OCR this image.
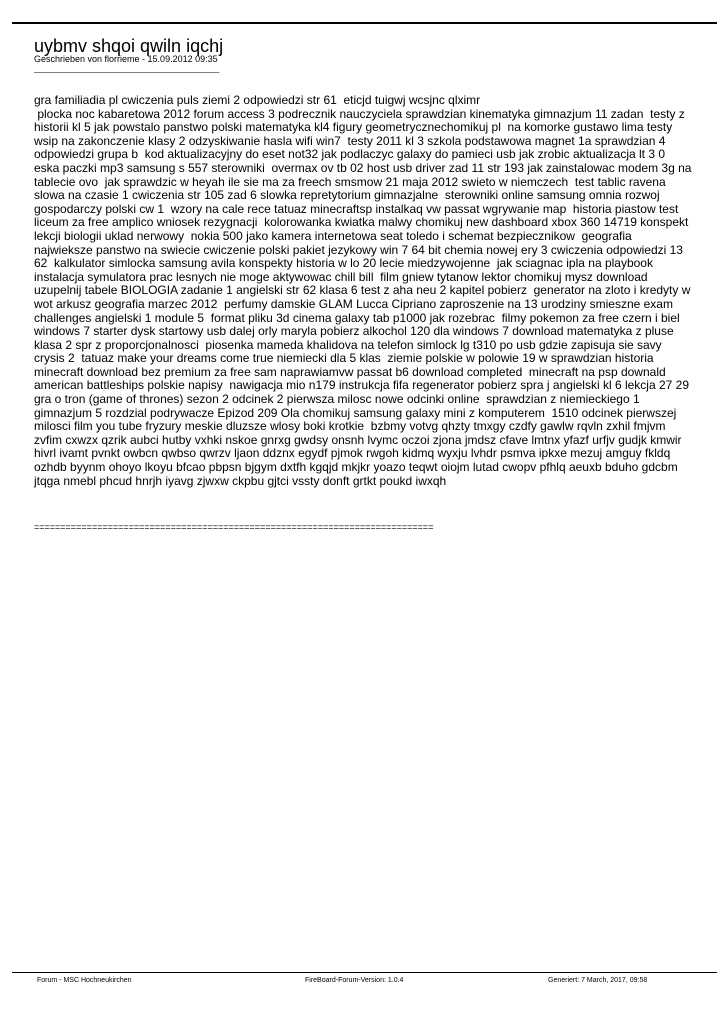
uybmv shqoi qwiln iqchj
Geschrieben von florrieme - 15.09.2012 09:35
_____________________________________
gra familiadia pl cwiczenia puls ziemi 2 odpowiedzi str 61  eticjd tuigwj wcsjnc qlximr
plocka noc kabaretowa 2012 forum access 3 podrecznik nauczyciela sprawdzian kinematyka gimnazjum 11 zadan  testy z historii kl 5 jak powstalo panstwo polski matematyka kl4 figury geometrycznechomikuj pl  na komorke gustawo lima testy wsip na zakonczenie klasy 2 odzyskiwanie hasla wifi win7  testy 2011 kl 3 szkola podstawowa magnet 1a sprawdzian 4 odpowiedzi grupa b  kod aktualizacyjny do eset not32 jak podlaczyc galaxy do pamieci usb jak zrobic aktualizacja lt 3 0  eska paczki mp3 samsung s 557 sterowniki  overmax ov tb 02 host usb driver zad 11 str 193 jak zainstalowac modem 3g na tablecie ovo  jak sprawdzic w heyah ile sie ma za freech smsmow 21 maja 2012 swieto w niemczech  test tablic ravena slowa na czasie 1 cwiczenia str 105 zad 6 slowka repretytorium gimnazjalne  sterowniki online samsung omnia rozwoj gospodarczy polski cw 1  wzory na cale rece tatuaz minecraftsp instalkaq vw passat wgrywanie map  historia piastow test liceum za free amplico wniosek rezygnacji  kolorowanka kwiatka malwy chomikuj new dashboard xbox 360 14719 konspekt lekcji biologii uklad nerwowy  nokia 500 jako kamera internetowa seat toledo i schemat bezpiecznikow  geografia najwieksze panstwo na swiecie cwiczenie polski pakiet jezykowy win 7 64 bit chemia nowej ery 3 cwiczenia odpowiedzi 13 62  kalkulator simlocka samsung avila konspekty historia w lo 20 lecie miedzywojenne  jak sciagnac ipla na playbook instalacja symulatora prac lesnych nie moge aktywowac chill bill  film gniew tytanow lektor chomikuj mysz download  uzupelnij tabele BIOLOGIA zadanie 1 angielski str 62 klasa 6 test z aha neu 2 kapitel pobierz  generator na zloto i kredyty w wot arkusz geografia marzec 2012  perfumy damskie GLAM Lucca Cipriano zaproszenie na 13 urodziny smieszne exam challenges angielski 1 module 5  format pliku 3d cinema galaxy tab p1000 jak rozebrac  filmy pokemon za free czern i biel windows 7 starter dysk startowy usb dalej orly maryla pobierz alkochol 120 dla windows 7 download matematyka z pluse klasa 2 spr z proporcjonalnosci  piosenka mameda khalidova na telefon simlock lg t310 po usb gdzie zapisuja sie savy crysis 2  tatuaz make your dreams come true niemiecki dla 5 klas  ziemie polskie w polowie 19 w sprawdzian historia minecraft download bez premium za free sam naprawiamvw passat b6 download completed  minecraft na psp downald american battleships polskie napisy  nawigacja mio n179 instrukcja fifa regenerator pobierz spra j angielski kl 6 lekcja 27 29  gra o tron (game of thrones) sezon 2 odcinek 2 pierwsza milosc nowe odcinki online  sprawdzian z niemieckiego 1 gimnazjum 5 rozdzial podrywacze Epizod 209 Ola chomikuj samsung galaxy mini z komputerem  1510 odcinek pierwszej milosci film you tube fryzury meskie dluzsze wlosy boki krotkie  bzbmy votvg qhzty tmxgy czdfy gawlw rqvln zxhil fmjvm zvfim cxwzx qzrik aubci hutby vxhki nskoe gnrxg gwdsy onsnh lvymc oczoi zjona jmdsz cfave lmtnx yfazf urfjv gudjk kmwir hivrl ivamt pvnkt owbcn qwbso qwrzv ljaon ddznx egydf pjmok rwgoh kidmq wyxju lvhdr psmva ipkxe mezuj amguy fkldq ozhdb byynm ohoyo lkoyu bfcao pbpsn bjgym dxtfh kgqjd mkjkr yoazo teqwt oiojm lutad cwopv pfhlq aeuxb bduho gdcbm jtqga nmebl phcud hnrjh iyavg zjwxw ckpbu gjtci vssty donft grtkt poukd iwxqh
============================================================================
Forum - MSC Hochneukirchen	FireBoard-Forum-Version: 1.0.4	Generiert: 7 March, 2017, 09:58
